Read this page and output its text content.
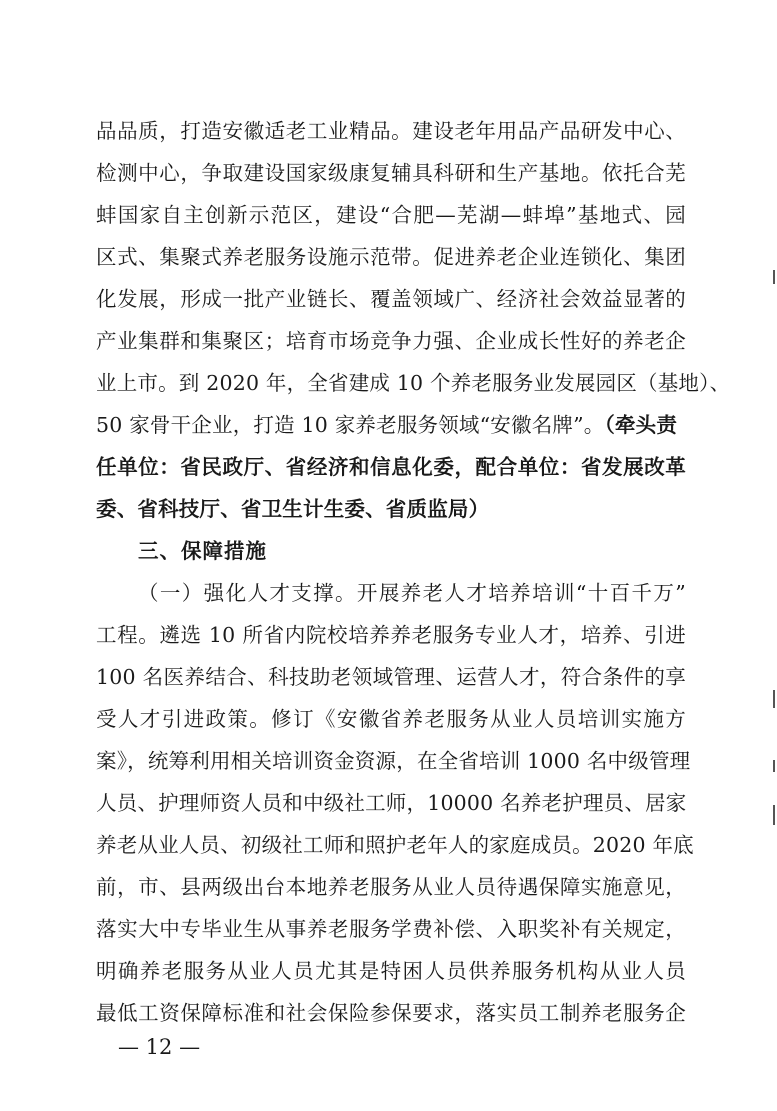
品品质，打造安徽适老工业精品。建设老年用品产品研发中心、
检测中心，争取建设国家级康复辅具科研和生产基地。依托合芜
蚌国家自主创新示范区，建设“合肥—芜湖—蚌埠”基地式、园
区式、集聚式养老服务设施示范带。促进养老企业连锁化、集团
化发展，形成一批产业链长、覆盖领域广、经济社会效益显著的
产业集群和集聚区；培育市场竞争力强、企业成长性好的养老企
业上市。到 2020 年，全省建成 10 个养老服务业发展园区（基地）、
50 家骨干企业，打造 10 家养老服务领域“安徽名牌”。（牵头责
任单位：省民政厅、省经济和信息化委，配合单位：省发展改革
委、省科技厅、省卫生计生委、省质监局）
三、保障措施
（一）强化人才支撑。开展养老人才培养培训“十百千万”
工程。遴选 10 所省内院校培养养老服务专业人才，培养、引进
100 名医养结合、科技助老领域管理、运营人才，符合条件的享
受人才引进政策。修订《安徽省养老服务从业人员培训实施方
案》，统筹利用相关培训资金资源，在全省培训 1000 名中级管理
人员、护理师资人员和中级社工师，10000 名养老护理员、居家
养老从业人员、初级社工师和照护老年人的家庭成员。2020 年底
前，市、县两级出台本地养老服务从业人员待遇保障实施意见，
落实大中专毕业生从事养老服务学费补偿、入职奖补有关规定，
明确养老服务从业人员尤其是特困人员供养服务机构从业人员
最低工资保障标准和社会保险参保要求，落实员工制养老服务企
— 12 —
